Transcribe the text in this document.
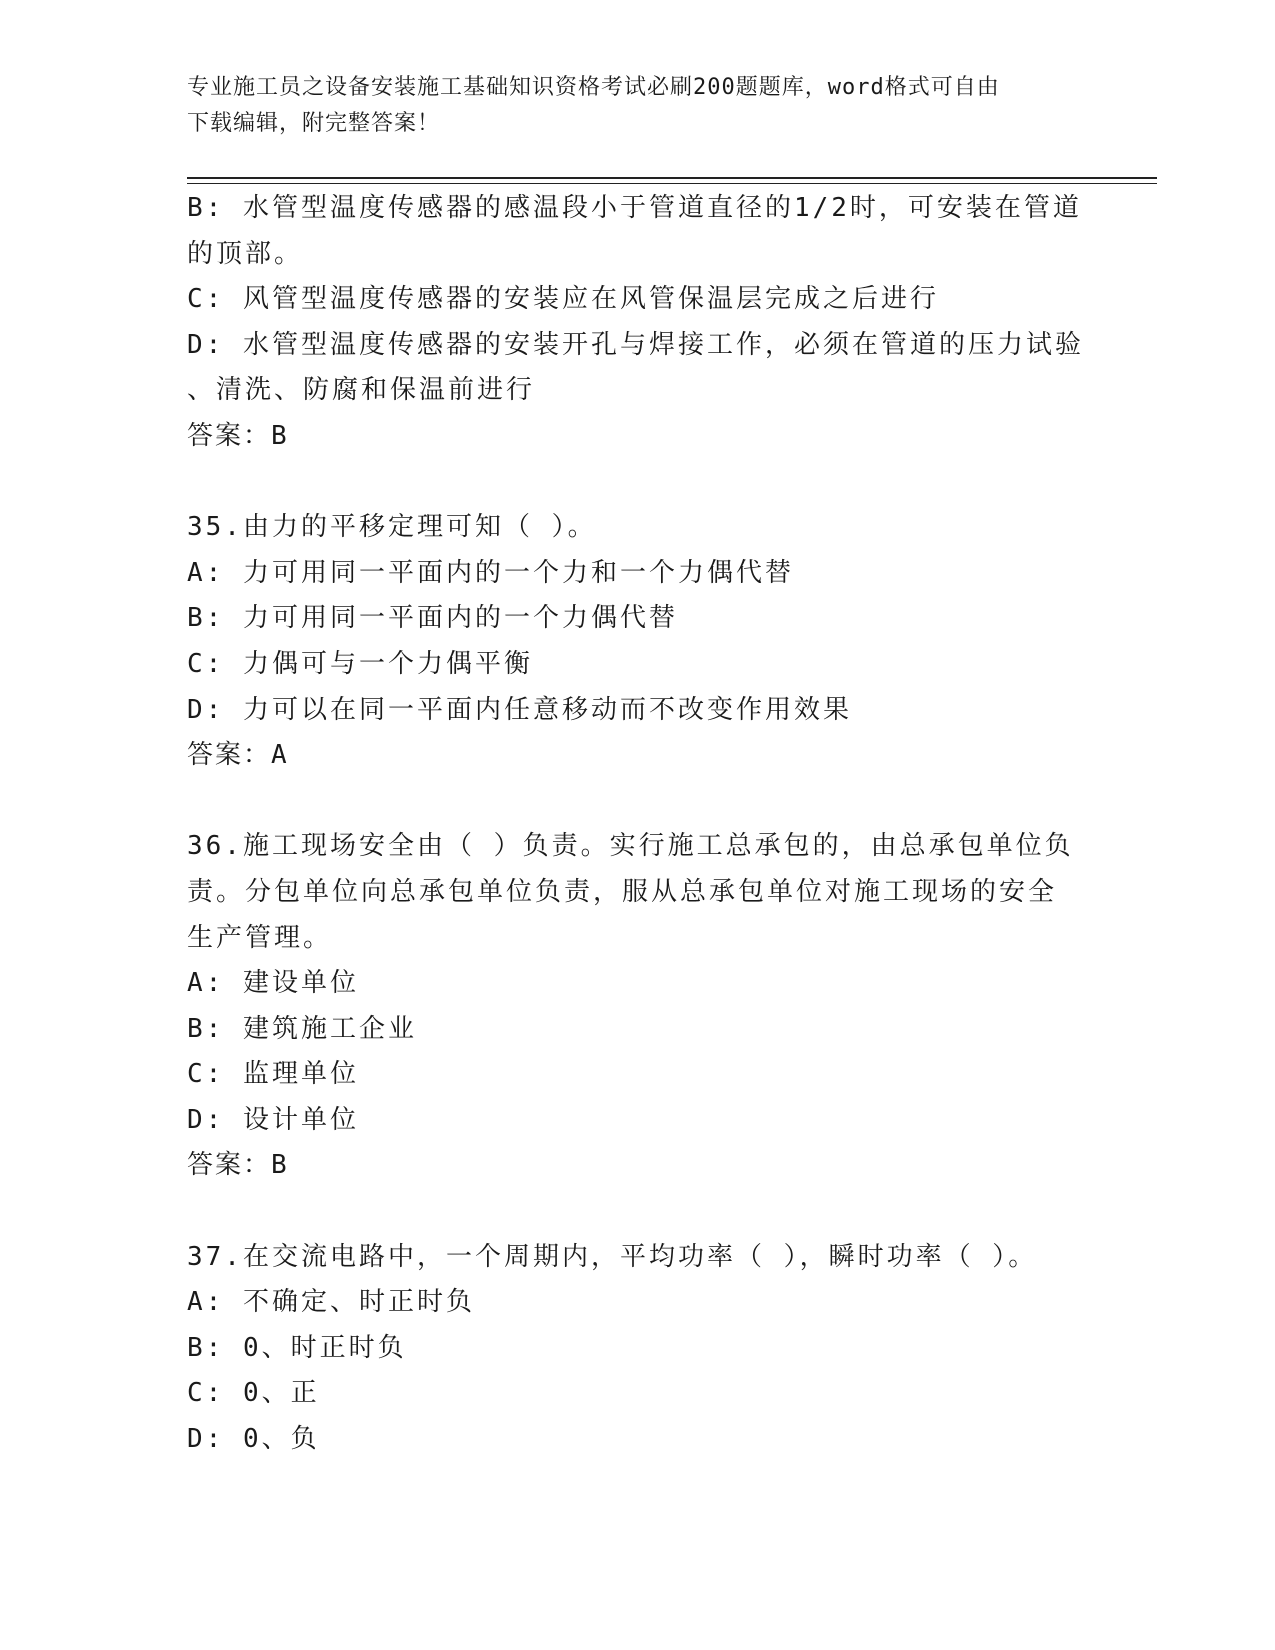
专业施工员之设备安装施工基础知识资格考试必刷200题题库，word格式可自由
下载编辑，附完整答案！
B: 水管型温度传感器的感温段小于管道直径的1/2时，可安装在管道
的顶部。
C: 风管型温度传感器的安装应在风管保温层完成之后进行
D: 水管型温度传感器的安装开孔与焊接工作，必须在管道的压力试验
、清洗、防腐和保温前进行
答案：B
35.由力的平移定理可知（ ）。
A: 力可用同一平面内的一个力和一个力偶代替
B: 力可用同一平面内的一个力偶代替
C: 力偶可与一个力偶平衡
D: 力可以在同一平面内任意移动而不改变作用效果
答案：A
36.施工现场安全由（ ）负责。实行施工总承包的，由总承包单位负
责。分包单位向总承包单位负责，服从总承包单位对施工现场的安全
生产管理。
A: 建设单位
B: 建筑施工企业
C: 监理单位
D: 设计单位
答案：B
37.在交流电路中，一个周期内，平均功率（ ），瞬时功率（ ）。
A: 不确定、时正时负
B: 0、时正时负
C: 0、正
D: 0、负
